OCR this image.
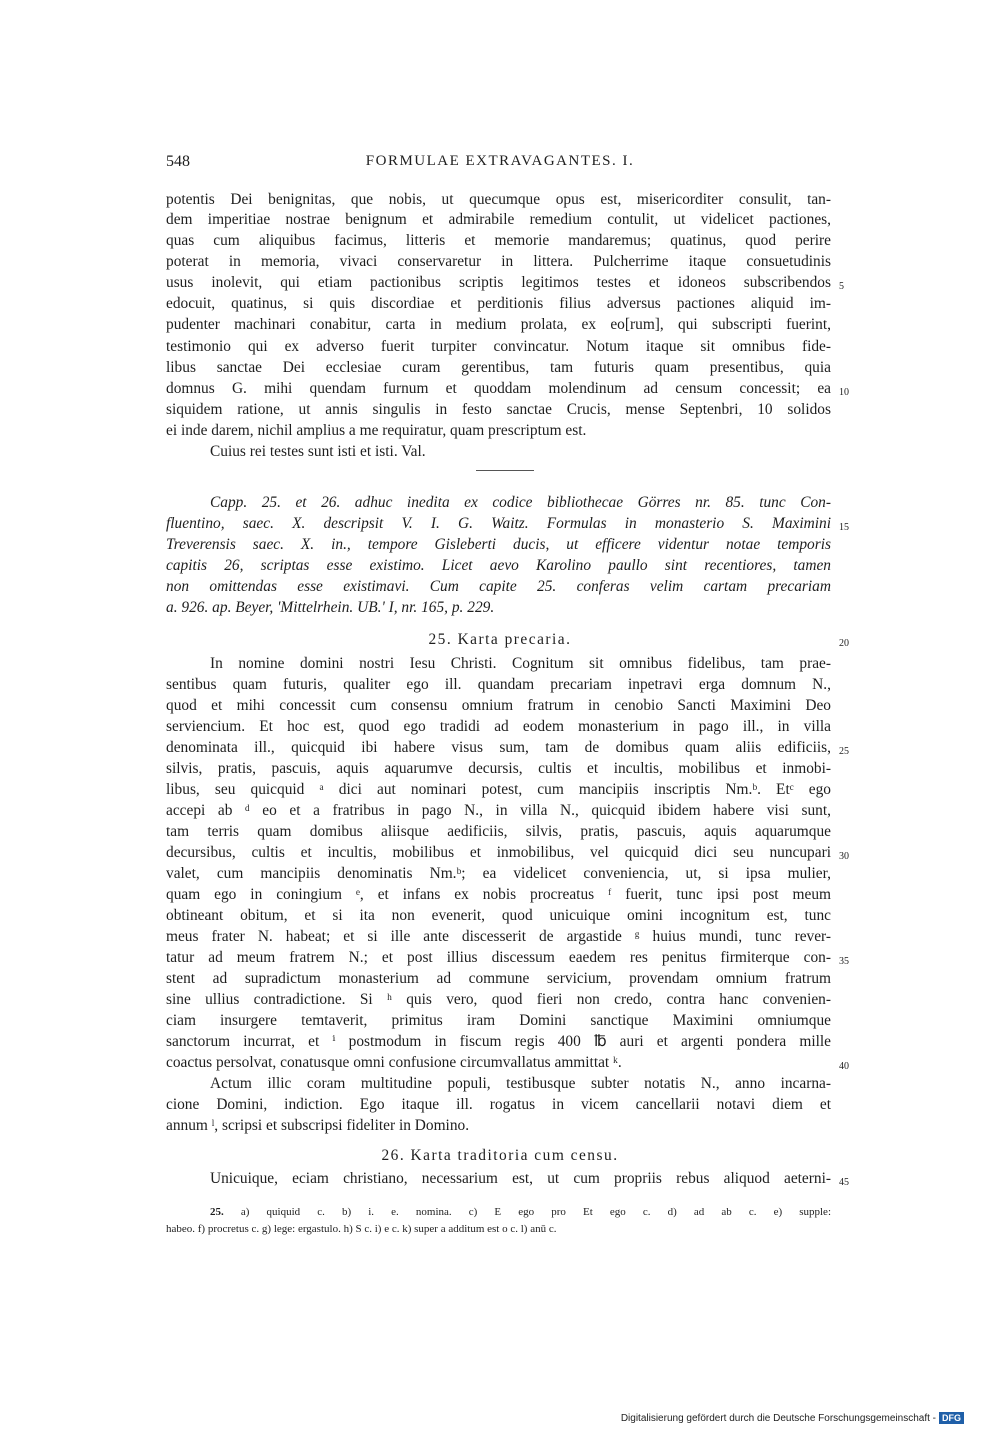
548	FORMULAE EXTRAVAGANTES. I.
potentis Dei benignitas, que nobis, ut quecumque opus est, misericorditer consulit, tan-
dem imperitiae nostrae benignum et admirabile remedium contulit, ut videlicet pactiones,
quas cum aliquibus facimus, litteris et memorie mandaremus; quatinus, quod perire
poterat in memoria, vivaci conservaretur in littera. Pulcherrime itaque consuetudinis
usus inolevit, qui etiam pactionibus scriptis legitimos testes et idoneos subscribendos
edocuit, quatinus, si quis discordiae et perditionis filius adversus pactiones aliquid im-
pudenter machinari conabitur, carta in medium prolata, ex eo[rum], qui subscripti fuerint,
testimonio qui ex adverso fuerit turpiter convincatur. Notum itaque sit omnibus fide-
libus sanctae Dei ecclesiae curam gerentibus, tam futuris quam presentibus, quia
domnus G. mihi quendam furnum et quoddam molendinum ad censum concessit; ea
siquidem ratione, ut annis singulis in festo sanctae Crucis, mense Septenbri, 10 solidos
ei inde darem, nichil amplius a me requiratur, quam prescriptum est.
Cuius rei testes sunt isti et isti. Val.
Capp. 25. et 26. adhuc inedita ex codice bibliothecae Görres nr. 85. tunc Con-
fluentino, saec. X. descripsit V. I. G. Waitz. Formulas in monasterio S. Maximini
Treverensis saec. X. in., tempore Gisleberti ducis, ut efficere videntur notae temporis
capitis 26, scriptas esse existimo. Licet aevo Karolino paullo sint recentiores, tamen
non omittendas esse existimavi. Cum capite 25. conferas velim cartam precariam
a. 926. ap. Beyer, 'Mittelrhein. UB.' I, nr. 165, p. 229.
25. Karta precaria.
In nomine domini nostri Iesu Christi. Cognitum sit omnibus fidelibus, tam prae-
sentibus quam futuris, qualiter ego ill. quandam precariam inpetravi erga domnum N.,
quod et mihi concessit cum consensu omnium fratrum in cenobio Sancti Maximini Deo
serviencium. Et hoc est, quod ego tradidi ad eodem monasterium in pago ill., in villa
denominata ill., quicquid ibi habere visus sum, tam de domibus quam aliis edificiis,
silvis, pratis, pascuis, aquis aquarumve decursis, cultis et incultis, mobilibus et inmobi-
libus, seu quicquid ᵃ dici aut nominari potest, cum mancipiis inscriptis Nm.ᵇ. Etᶜ ego
accepi ab ᵈ eo et a fratribus in pago N., in villa N., quicquid ibidem habere visi sunt,
tam terris quam domibus aliisque aedificiis, silvis, pratis, pascuis, aquis aquarumque
decursibus, cultis et incultis, mobilibus et inmobilibus, vel quicquid dici seu nuncupari
valet, cum mancipiis denominatis Nm.ᵇ; ea videlicet conveniencia, ut, si ipsa mulier,
quam ego in coningium ᵉ, et infans ex nobis procreatus ᶠ fuerit, tunc ipsi post meum
obtineant obitum, et si ita non evenerit, quod unicuique omini incognitum est, tunc
meus frater N. habeat; et si ille ante discesserit de argastide ᵍ huius mundi, tunc rever-
tatur ad meum fratrem N.; et post illius discessum eaedem res penitus firmiterque con-
stent ad supradictum monasterium ad commune servicium, provendam omnium fratrum
sine ullius contradictione. Si ʰ quis vero, quod fieri non credo, contra hanc convenien-
ciam insurgere temtaverit, primitus iram Domini sanctique Maximini omniumque
sanctorum incurrat, et ⁱ postmodum in fiscum regis 400 ℔ auri et argenti pondera mille
coactus persolvat, conatusque omni confusione circumvallatus ammittat ᵏ.
Actum illic coram multitudine populi, testibusque subter notatis N., anno incarna-
cione Domini, indiction. Ego itaque ill. rogatus in vicem cancellarii notavi diem et
annum ˡ, scripsi et subscripsi fideliter in Domino.
26. Karta traditoria cum censu.
Unicuique, eciam christiano, necessarium est, ut cum propriis rebus aliquod aeterni-
5
10
15
20
25
30
35
40
45
25. a) quiquid c. b) i. e. nomina. c) E ego pro Et ego c. d) ad ab c. e) supple:
habeo. f) procretus c. g) lege: ergastulo. h) S c. i) e c. k) super a additum est o c. l) anū c.
Digitalisierung gefördert durch die Deutsche Forschungsgemeinschaft - DFG
